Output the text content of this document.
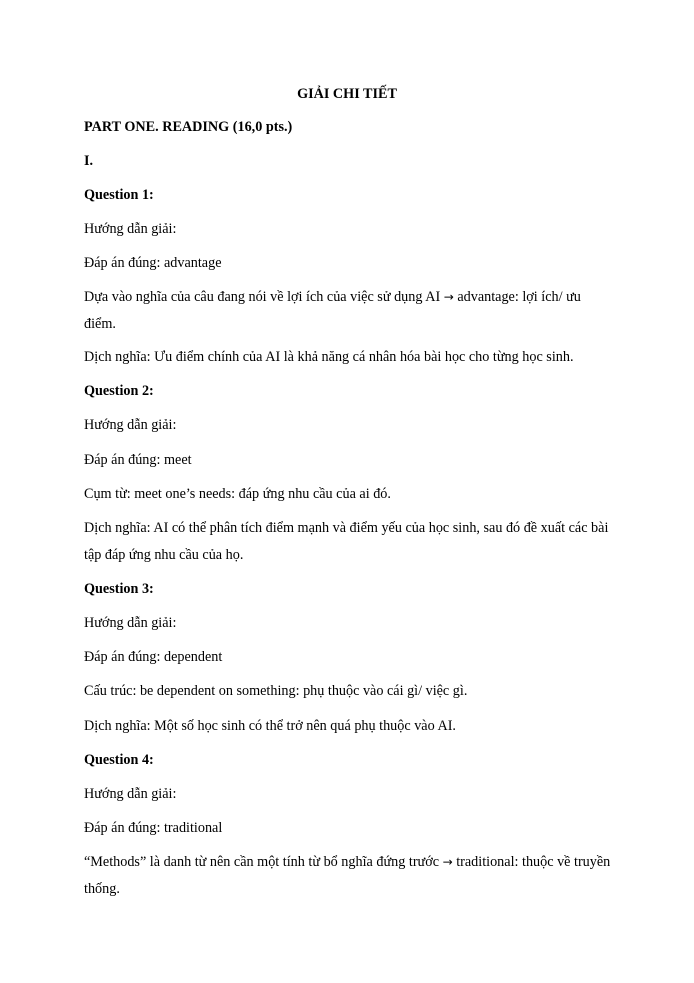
GIẢI CHI TIẾT
PART ONE. READING (16,0 pts.)
I.
Question 1:
Hướng dẫn giải:
Đáp án đúng: advantage
Dựa vào nghĩa của câu đang nói về lợi ích của việc sử dụng AI → advantage: lợi ích/ ưu điểm.
Dịch nghĩa: Ưu điểm chính của AI là khả năng cá nhân hóa bài học cho từng học sinh.
Question 2:
Hướng dẫn giải:
Đáp án đúng: meet
Cụm từ: meet one’s needs: đáp ứng nhu cầu của ai đó.
Dịch nghĩa: AI có thể phân tích điểm mạnh và điểm yếu của học sinh, sau đó đề xuất các bài tập đáp ứng nhu cầu của họ.
Question 3:
Hướng dẫn giải:
Đáp án đúng: dependent
Cấu trúc: be dependent on something: phụ thuộc vào cái gì/ việc gì.
Dịch nghĩa: Một số học sinh có thể trở nên quá phụ thuộc vào AI.
Question 4:
Hướng dẫn giải:
Đáp án đúng: traditional
“Methods” là danh từ nên cần một tính từ bổ nghĩa đứng trước → traditional: thuộc về truyền thống.
